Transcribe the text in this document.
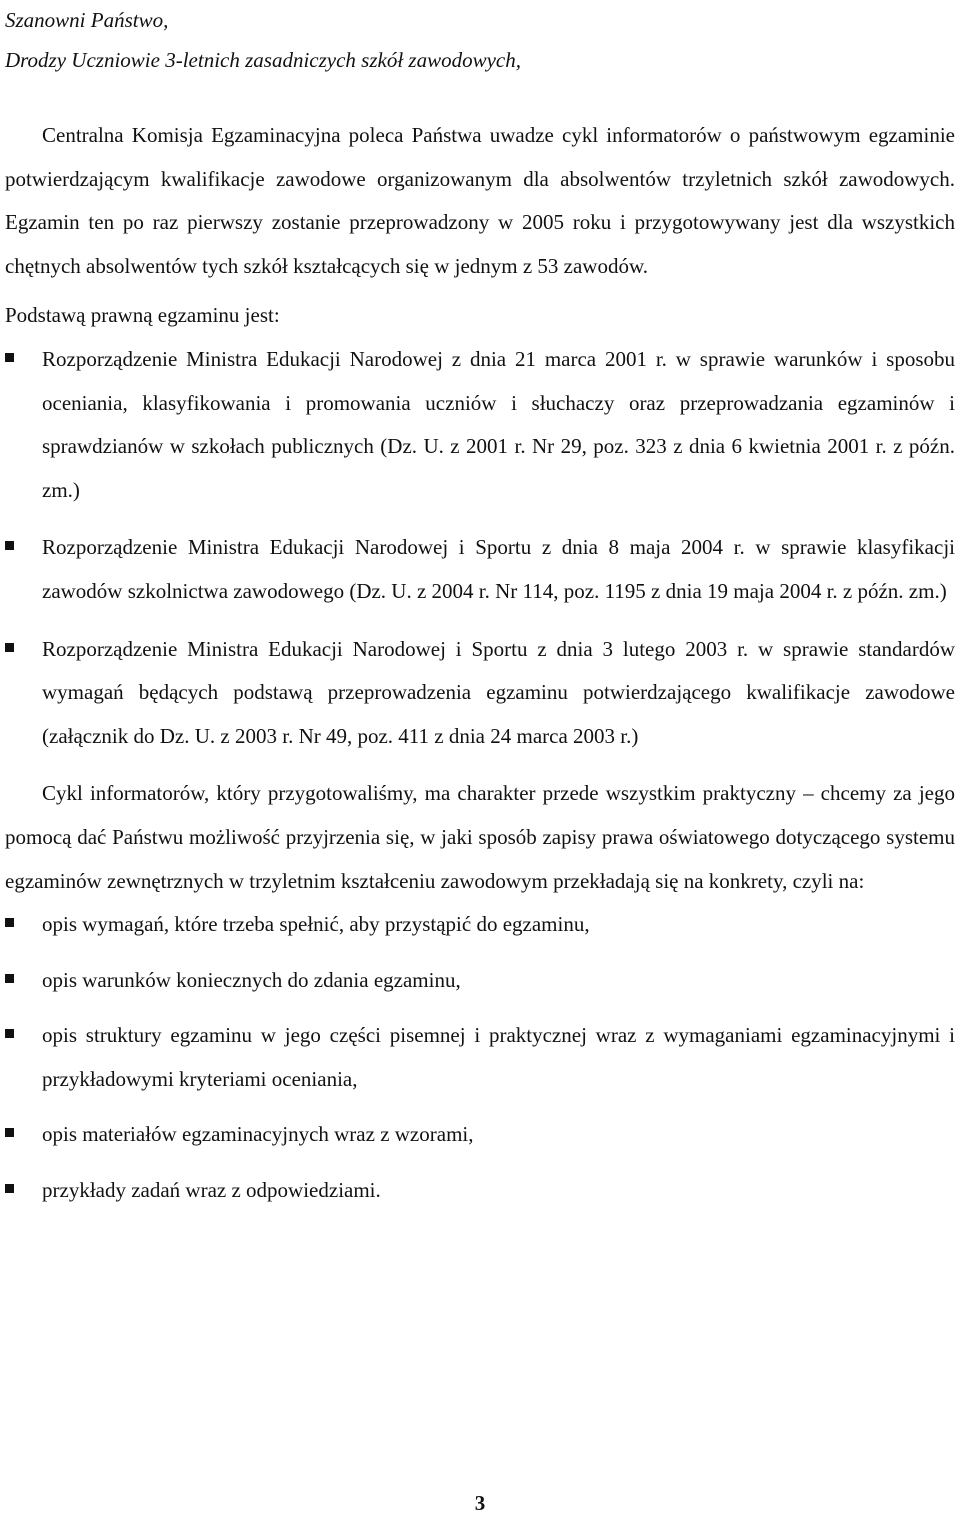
Szanowni Państwo,
Drodzy Uczniowie 3-letnich zasadniczych szkół zawodowych,

Centralna Komisja Egzaminacyjna poleca Państwa uwadze cykl informatorów o państwowym egzaminie potwierdzającym kwalifikacje zawodowe organizowanym dla absolwentów trzyletnich szkół zawodowych. Egzamin ten po raz pierwszy zostanie przeprowadzony w 2005 roku i przygotowywany jest dla wszystkich chętnych absolwentów tych szkół kształcących się w jednym z 53 zawodów.

Podstawą prawną egzaminu jest:

Rozporządzenie Ministra Edukacji Narodowej z dnia 21 marca 2001 r. w sprawie warunków i sposobu oceniania, klasyfikowania i promowania uczniów i słuchaczy oraz przeprowadzania egzaminów i sprawdzianów w szkołach publicznych (Dz. U. z 2001 r. Nr 29, poz. 323 z dnia 6 kwietnia 2001 r. z późn. zm.)
Rozporządzenie Ministra Edukacji Narodowej i Sportu z dnia 8 maja 2004 r. w sprawie klasyfikacji zawodów szkolnictwa zawodowego (Dz. U. z 2004 r. Nr 114, poz. 1195 z dnia 19 maja 2004 r. z późn. zm.)
Rozporządzenie Ministra Edukacji Narodowej i Sportu z dnia 3 lutego 2003 r. w sprawie standardów wymagań będących podstawą przeprowadzenia egzaminu potwierdzającego kwalifikacje zawodowe (załącznik do Dz. U. z 2003 r. Nr 49, poz. 411 z dnia 24 marca 2003 r.)

Cykl informatorów, który przygotowaliśmy, ma charakter przede wszystkim praktyczny – chcemy za jego pomocą dać Państwu możliwość przyjrzenia się, w jaki sposób zapisy prawa oświatowego dotyczącego systemu egzaminów zewnętrznych w trzyletnim kształceniu zawodowym przekładają się na konkrety, czyli na:

opis wymagań, które trzeba spełnić, aby przystąpić do egzaminu,
opis warunków koniecznych do zdania egzaminu,
opis struktury egzaminu w jego części pisemnej i praktycznej wraz z wymaganiami egzaminacyjnymi i przykładowymi kryteriami oceniania,
opis materiałów egzaminacyjnych wraz z wzorami,
przykłady zadań wraz z odpowiedziami.
3
